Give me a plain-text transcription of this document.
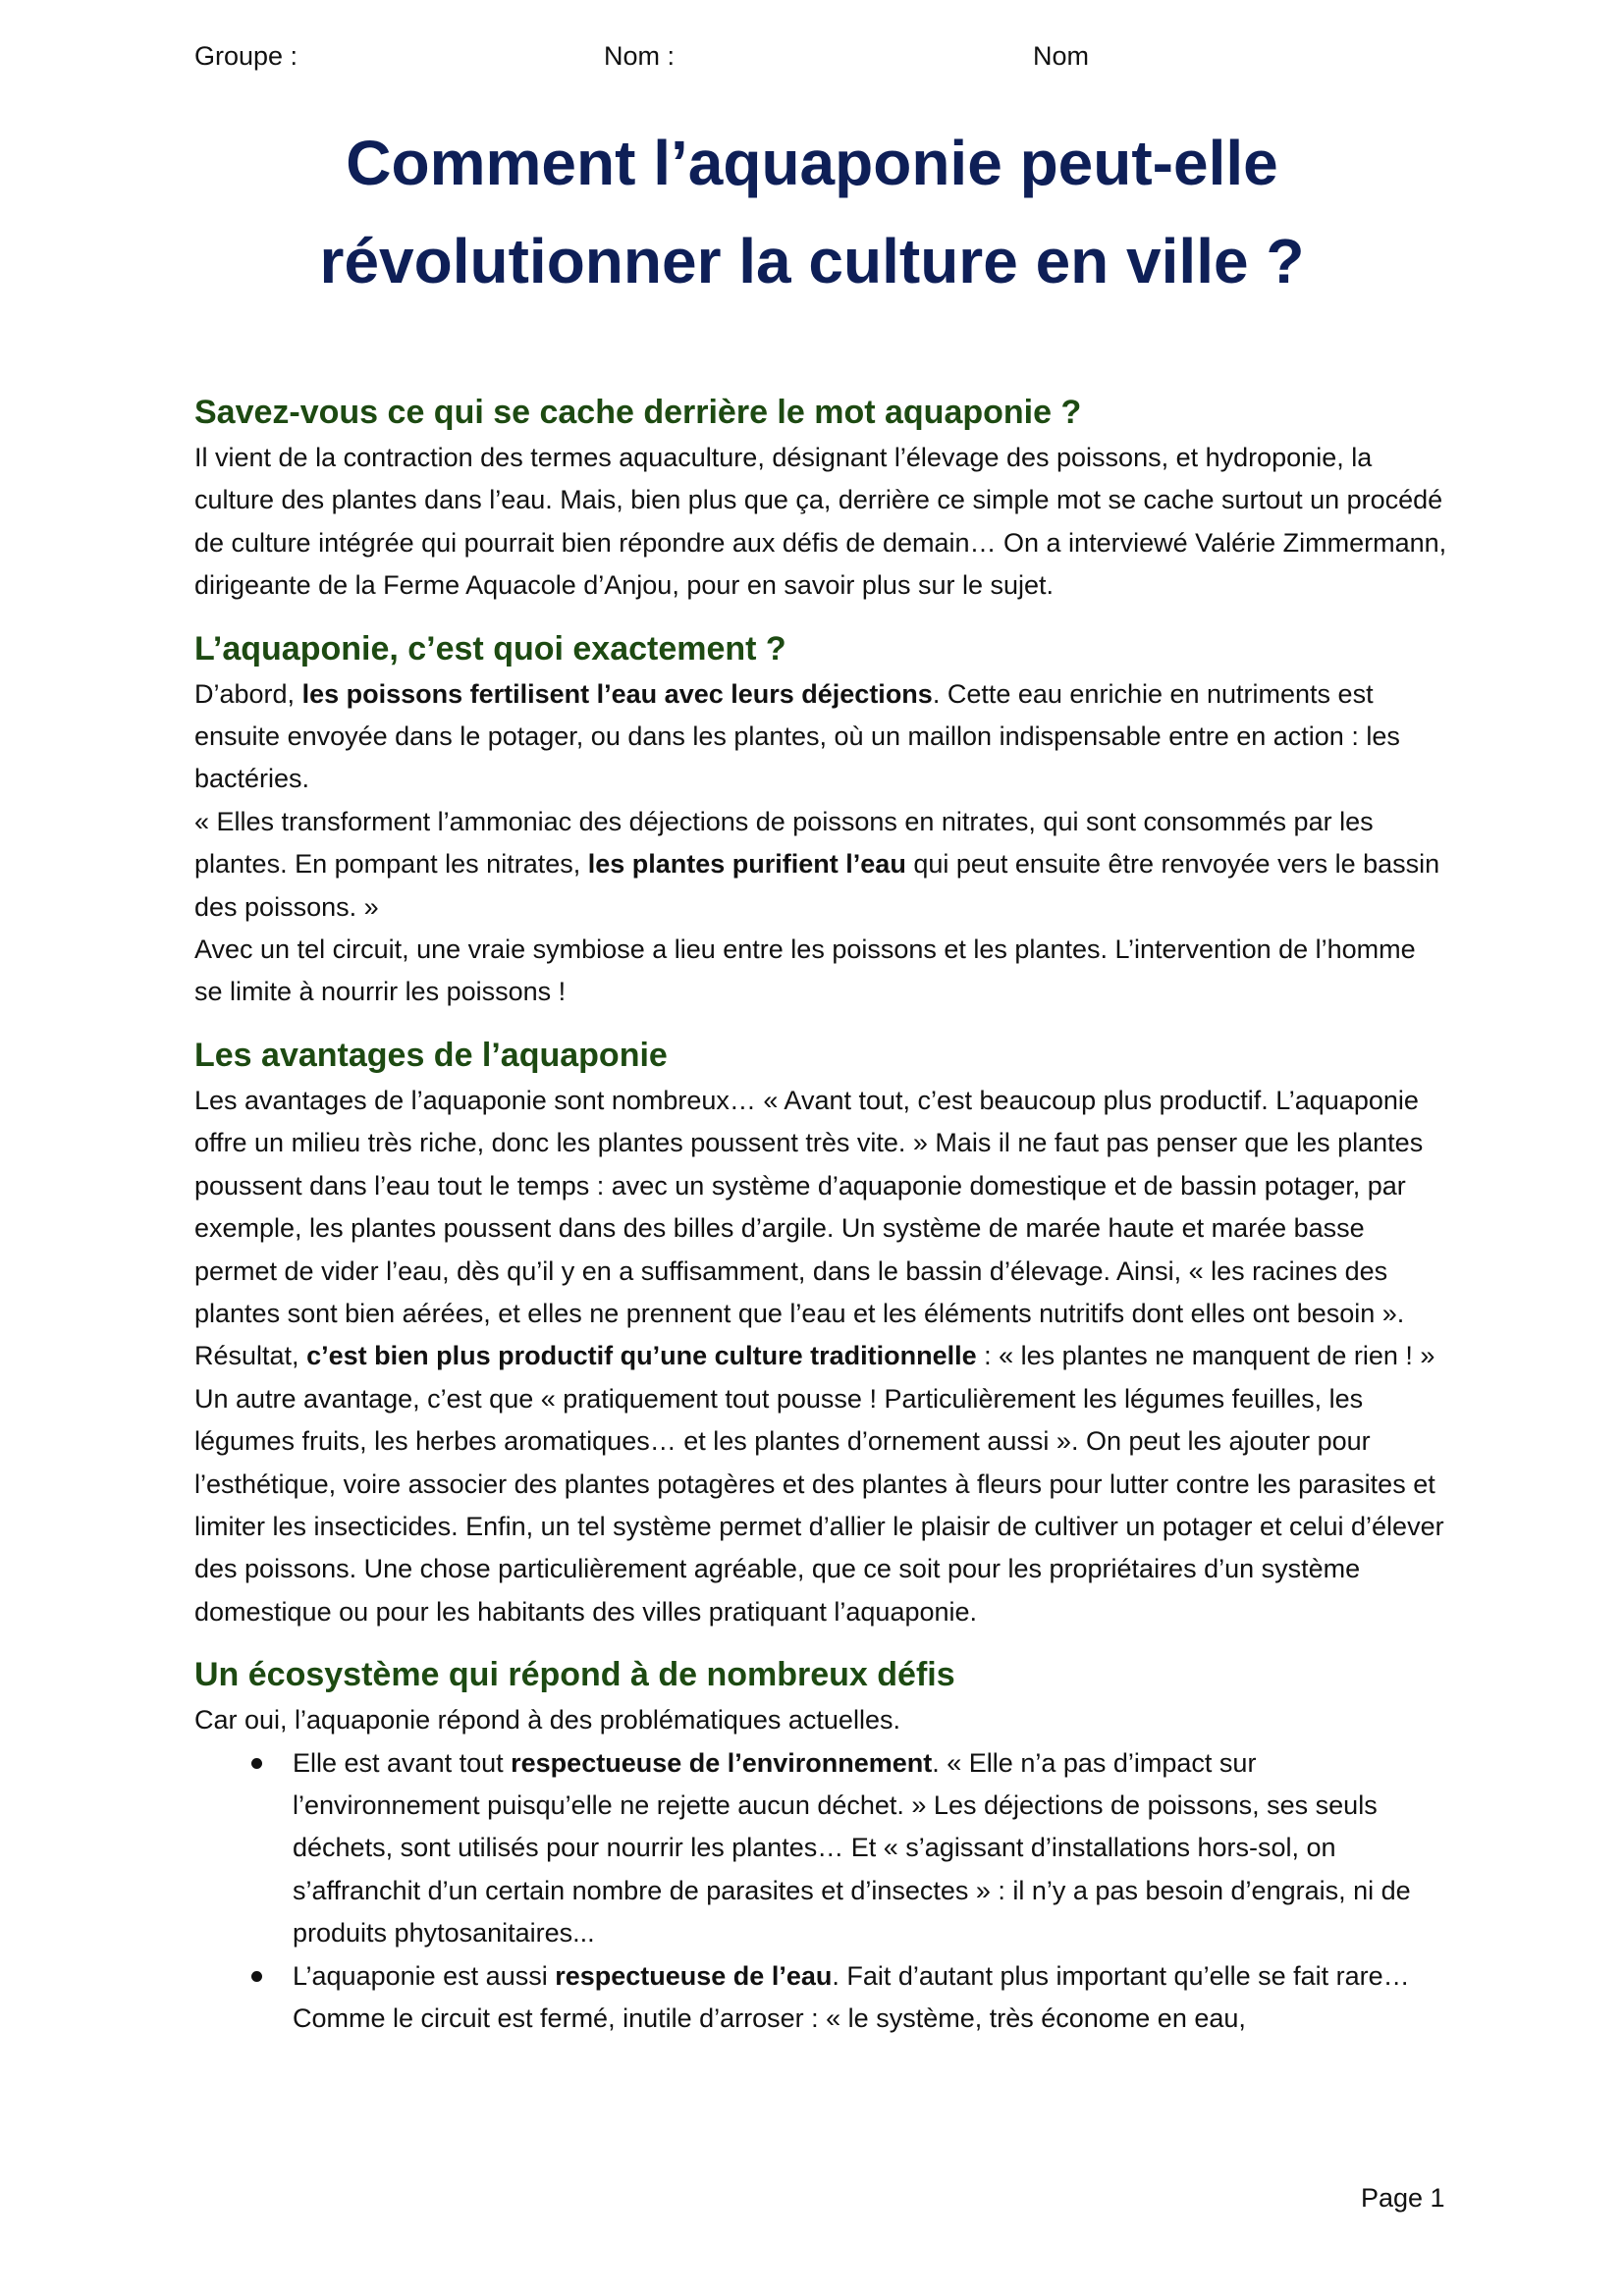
Groupe :	Nom :	Nom
Comment l’aquaponie peut-elle
révolutionner la culture en ville ?
Savez-vous ce qui se cache derrière le mot aquaponie ?

Il vient de la contraction des termes aquaculture, désignant l’élevage des poissons, et hydroponie, la culture des plantes dans l’eau. Mais, bien plus que ça, derrière ce simple mot se cache surtout un procédé de culture intégrée qui pourrait bien répondre aux défis de demain… On a interviewé Valérie Zimmermann, dirigeante de la Ferme Aquacole d’Anjou, pour en savoir plus sur le sujet.

L’aquaponie, c’est quoi exactement ?

D’abord, les poissons fertilisent l’eau avec leurs déjections. Cette eau enrichie en nutriments est ensuite envoyée dans le potager, ou dans les plantes, où un maillon indispensable entre en action : les bactéries.

« Elles transforment l’ammoniac des déjections de poissons en nitrates, qui sont consommés par les plantes. En pompant les nitrates, les plantes purifient l’eau qui peut ensuite être renvoyée vers le bassin des poissons. »

Avec un tel circuit, une vraie symbiose a lieu entre les poissons et les plantes. L’intervention de l’homme se limite à nourrir les poissons !

Les avantages de l’aquaponie

Les avantages de l’aquaponie sont nombreux… « Avant tout, c’est beaucoup plus productif. L’aquaponie offre un milieu très riche, donc les plantes poussent très vite. » Mais il ne faut pas penser que les plantes poussent dans l’eau tout le temps : avec un système d’aquaponie domestique et de bassin potager, par exemple, les plantes poussent dans des billes d’argile. Un système de marée haute et marée basse permet de vider l’eau, dès qu’il y en a suffisamment, dans le bassin d’élevage. Ainsi, « les racines des plantes sont bien aérées, et elles ne prennent que l’eau et les éléments nutritifs dont elles ont besoin ». Résultat, c’est bien plus productif qu’une culture traditionnelle : « les plantes ne manquent de rien ! » Un autre avantage, c’est que « pratiquement tout pousse ! Particulièrement les légumes feuilles, les légumes fruits, les herbes aromatiques… et les plantes d’ornement aussi ». On peut les ajouter pour l’esthétique, voire associer des plantes potagères et des plantes à fleurs pour lutter contre les parasites et limiter les insecticides. Enfin, un tel système permet d’allier le plaisir de cultiver un potager et celui d’élever des poissons. Une chose particulièrement agréable, que ce soit pour les propriétaires d’un système domestique ou pour les habitants des villes pratiquant l’aquaponie.

Un écosystème qui répond à de nombreux défis

Car oui, l’aquaponie répond à des problématiques actuelles.

Elle est avant tout respectueuse de l’environnement. « Elle n’a pas d’impact sur l’environnement puisqu’elle ne rejette aucun déchet. » Les déjections de poissons, ses seuls déchets, sont utilisés pour nourrir les plantes… Et « s’agissant d’installations hors-sol, on s’affranchit d’un certain nombre de parasites et d’insectes » : il n’y a pas besoin d’engrais, ni de produits phytosanitaires...
L’aquaponie est aussi respectueuse de l’eau. Fait d’autant plus important qu’elle se fait rare… Comme le circuit est fermé, inutile d’arroser : « le système, très économe en eau,
Page 1
